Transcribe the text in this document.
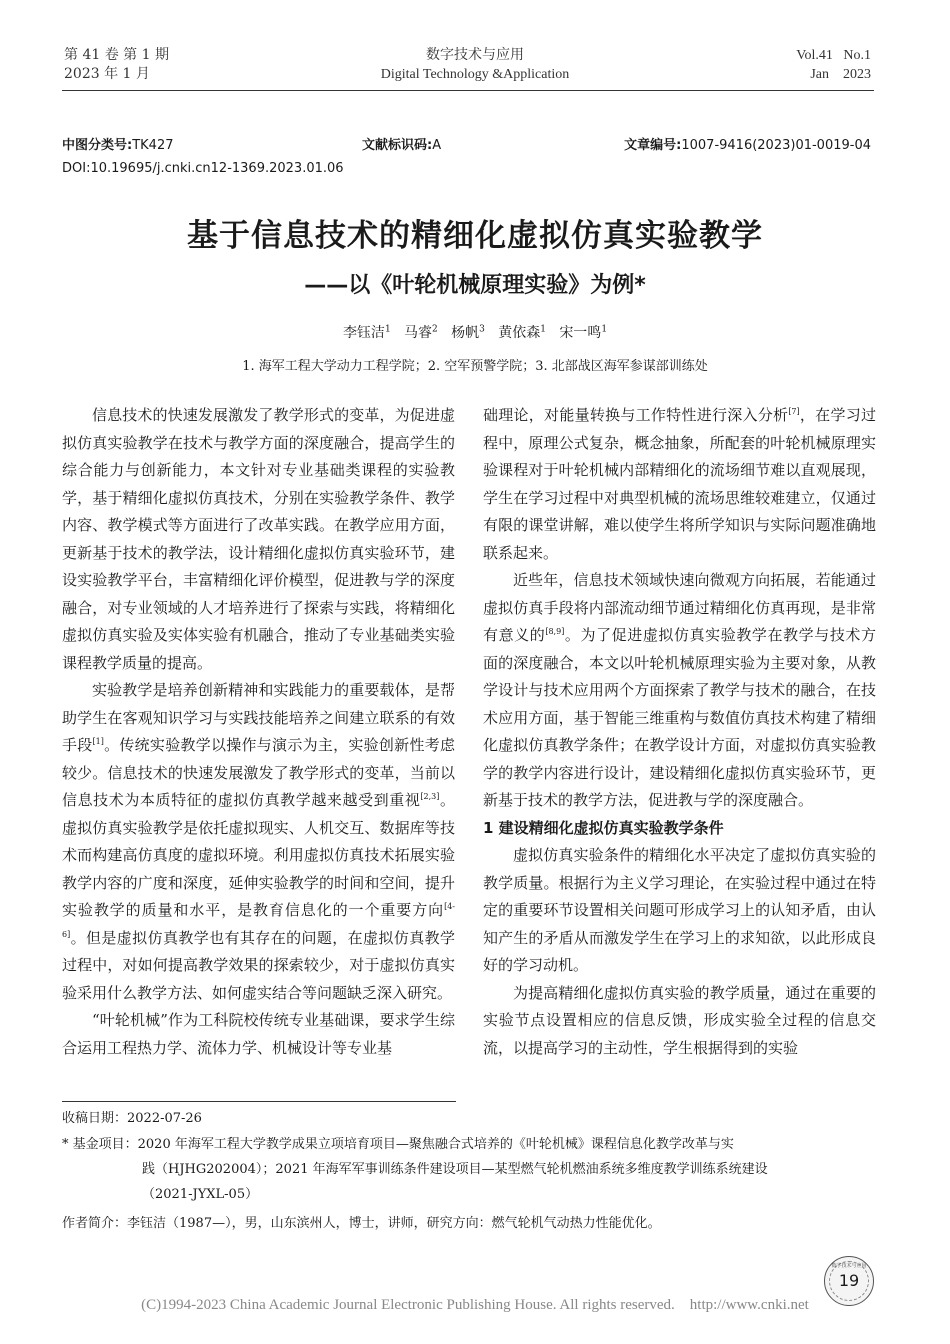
第 41 卷 第 1 期
2023 年 1 月
数字技术与应用
Digital Technology &Application
Vol.41   No.1
Jan    2023
中图分类号:TK427	文献标识码:A	文章编号:1007-9416(2023)01-0019-04
DOI:10.19695/j.cnki.cn12-1369.2023.01.06
基于信息技术的精细化虚拟仿真实验教学
——以《叶轮机械原理实验》为例*
李钰洁$^1$ 马睿$^2$ 杨帆$^3$ 黄依森$^1$ 宋一鸣$^1$
1. 海军工程大学动力工程学院；2. 空军预警学院；3. 北部战区海军参谋部训练处

信息技术的快速发展激发了教学形式的变革，为促进虚拟仿真实验教学在技术与教学方面的深度融合，提高学生的综合能力与创新能力，本文针对专业基础类课程的实验教学，基于精细化虚拟仿真技术，分别在实验教学条件、教学内容、教学模式等方面进行了改革实践。在教学应用方面，更新基于技术的教学法，设计精细化虚拟仿真实验环节，建设实验教学平台，丰富精细化评价模型，促进教与学的深度融合，对专业领域的人才培养进行了探索与实践，将精细化虚拟仿真实验及实体实验有机融合，推动了专业基础类实验课程教学质量的提高。

实验教学是培养创新精神和实践能力的重要载体，是帮助学生在客观知识学习与实践技能培养之间建立联系的有效手段[1]。传统实验教学以操作与演示为主，实验创新性考虑较少。信息技术的快速发展激发了教学形式的变革，当前以信息技术为本质特征的虚拟仿真教学越来越受到重视[2,3]。虚拟仿真实验教学是依托虚拟现实、人机交互、数据库等技术而构建高仿真度的虚拟环境。利用虚拟仿真技术拓展实验教学内容的广度和深度，延伸实验教学的时间和空间，提升实验教学的质量和水平，是教育信息化的一个重要方向[4-6]。但是虚拟仿真教学也有其存在的问题，在虚拟仿真教学过程中，对如何提高教学效果的探索较少，对于虚拟仿真实验采用什么教学方法、如何虚实结合等问题缺乏深入研究。

“叶轮机械”作为工科院校传统专业基础课，要求学生综合运用工程热力学、流体力学、机械设计等专业基

础理论，对能量转换与工作特性进行深入分析[7]，在学习过程中，原理公式复杂，概念抽象，所配套的叶轮机械原理实验课程对于叶轮机械内部精细化的流场细节难以直观展现，学生在学习过程中对典型机械的流场思维较难建立，仅通过有限的课堂讲解，难以使学生将所学知识与实际问题准确地联系起来。

近些年，信息技术领域快速向微观方向拓展，若能通过虚拟仿真手段将内部流动细节通过精细化仿真再现，是非常有意义的[8,9]。为了促进虚拟仿真实验教学在教学与技术方面的深度融合，本文以叶轮机械原理实验为主要对象，从教学设计与技术应用两个方面探索了教学与技术的融合，在技术应用方面，基于智能三维重构与数值仿真技术构建了精细化虚拟仿真教学条件；在教学设计方面，对虚拟仿真实验教学的教学内容进行设计，建设精细化虚拟仿真实验环节，更新基于技术的教学方法，促进教与学的深度融合。

1 建设精细化虚拟仿真实验教学条件

虚拟仿真实验条件的精细化水平决定了虚拟仿真实验的教学质量。根据行为主义学习理论，在实验过程中通过在特定的重要环节设置相关问题可形成学习上的认知矛盾，由认知产生的矛盾从而激发学生在学习上的求知欲，以此形成良好的学习动机。

为提高精细化虚拟仿真实验的教学质量，通过在重要的实验节点设置相应的信息反馈，形成实验全过程的信息交流，以提高学习的主动性，学生根据得到的实验

收稿日期：2022-07-26
* 基金项目：2020 年海军工程大学教学成果立项培育项目—聚焦融合式培养的《叶轮机械》课程信息化教学改革与实
践（HJHG202004）；2021 年海军军事训练条件建设项目—某型燃气轮机燃油系统多维度教学训练系统建设
（2021-JYXL-05）
作者简介：李钰洁（1987—），男，山东滨州人，博士，讲师，研究方向：燃气轮机气动热力性能优化。
数字技术与应用
19
(C)1994-2023 China Academic Journal Electronic Publishing House. All rights reserved.    http://www.cnki.net
